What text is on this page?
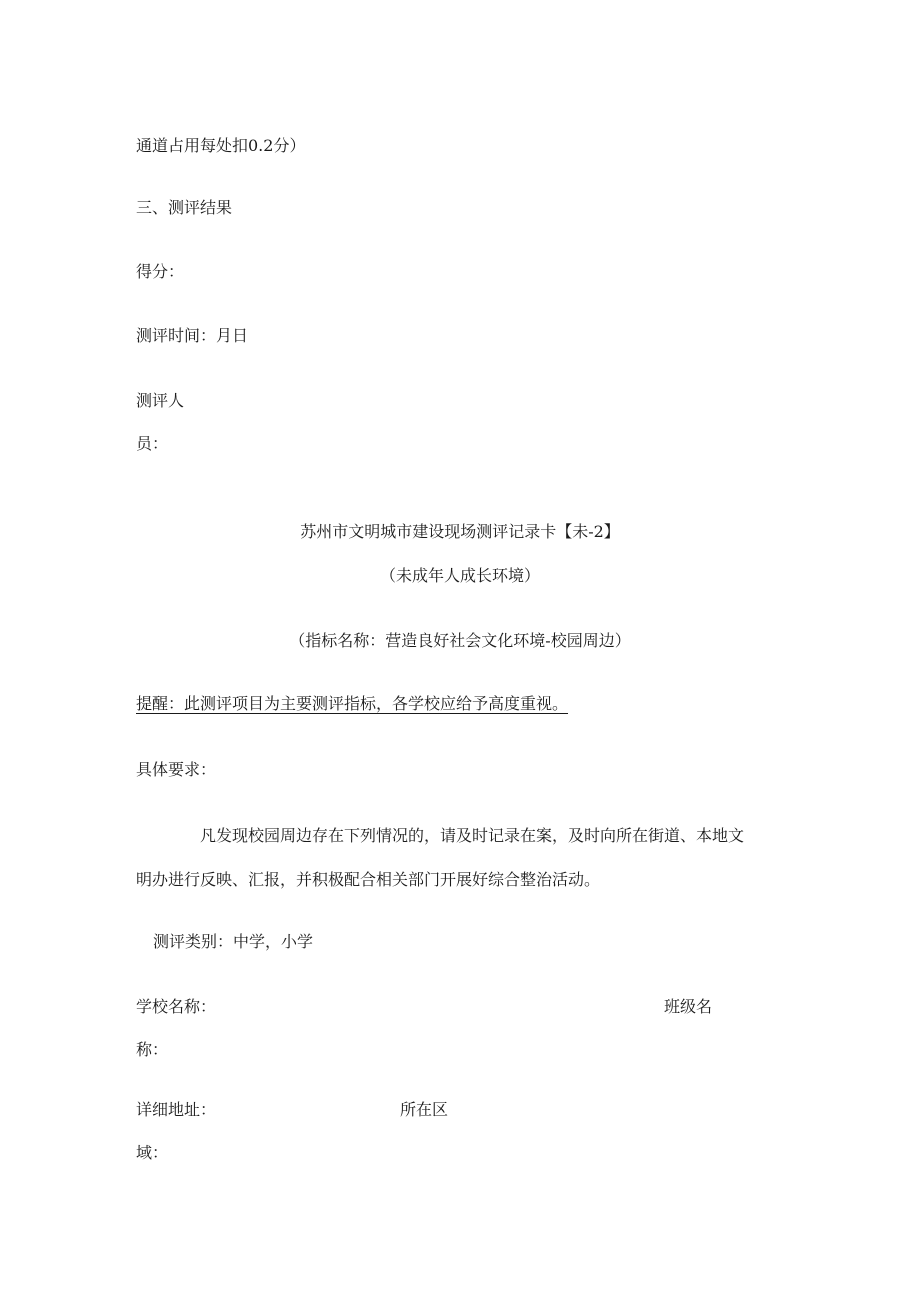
通道占用每处扣0.2分）

三、测评结果

得分：

测评时间：月日

测评人

员：

苏州市文明城市建设现场测评记录卡【未-2】

（未成年人成长环境）

（指标名称：营造良好社会文化环境-校园周边）

提醒：此测评项目为主要测评指标，各学校应给予高度重视。

具体要求：

凡发现校园周边存在下列情况的，请及时记录在案，及时向所在街道、本地文

明办进行反映、汇报，并积极配合相关部门开展好综合整治活动。

测评类别：中学，小学

学校名称：	班级名

称：

详细地址：	所在区

域：
